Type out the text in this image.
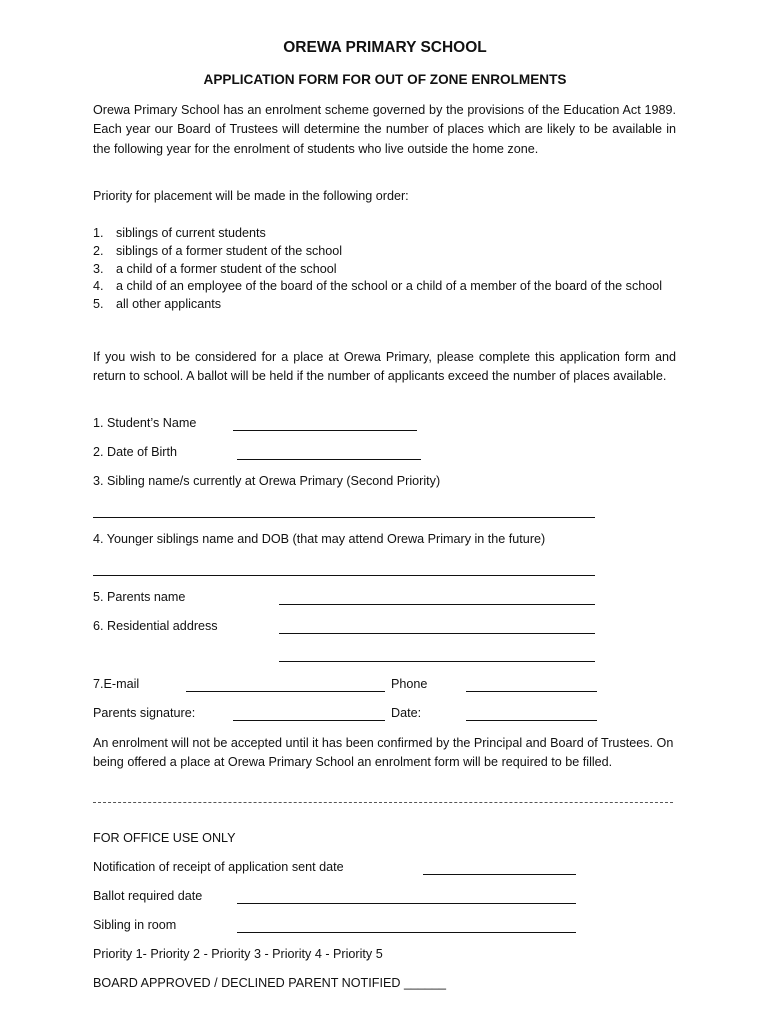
OREWA PRIMARY SCHOOL
APPLICATION FORM FOR OUT OF ZONE ENROLMENTS
Orewa Primary School has an enrolment scheme governed by the provisions of the Education Act 1989. Each year our Board of Trustees will determine the number of places which are likely to be available in the following year for the enrolment of students who live outside the home zone.
Priority for placement will be made in the following order:
1. siblings of current students
2. siblings of a former student of the school
3. a child of a former student of the school
4. a child of an employee of the board of the school or a child of a member of the board of the school
5. all other applicants
If you wish to be considered for a place at Orewa Primary, please complete this application form and return to school. A ballot will be held if the number of applicants exceed the number of places available.
1. Student’s Name
2. Date of Birth
3. Sibling name/s currently at Orewa Primary (Second Priority)
4. Younger siblings name and DOB (that may attend Orewa Primary in the future)
5. Parents name
6. Residential address
7.E-mail	Phone
Parents signature:	Date:
An enrolment will not be accepted until it has been confirmed by the Principal and Board of Trustees. On being offered a place at Orewa Primary School an enrolment form will be required to be filled.
FOR OFFICE USE ONLY
Notification of receipt of application sent date
Ballot required date
Sibling in room
Priority 1- Priority 2 - Priority 3 - Priority 4 - Priority 5
BOARD APPROVED / DECLINED PARENT NOTIFIED ______
